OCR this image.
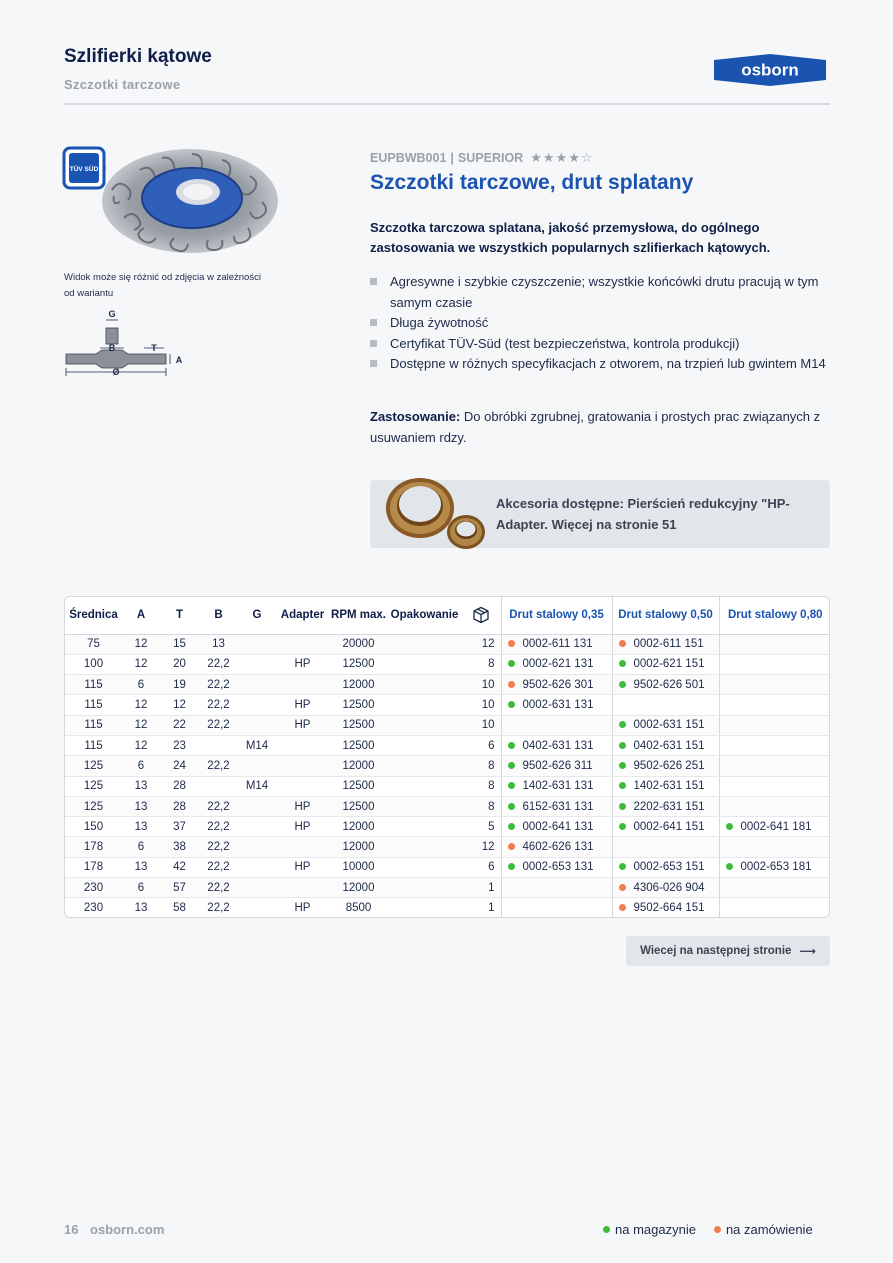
Szlifierki kątowe
Szczotki tarczowe
osborn
TÜV SÜD
Widok może się różnić od zdjęcia w zależności od wariantu
G
B	T
A
Ø
EUPBWB001 | SUPERIOR ★ ★ ★ ★ ☆
Szczotki tarczowe, drut splatany
Szczotka tarczowa splatana, jakość przemysłowa, do ogólnego zastosowania we wszystkich popularnych szlifierkach kątowych.
Agresywne i szybkie czyszczenie; wszystkie końcówki drutu pracują w tym samym czasie
Długa żywotność
Certyfikat TÜV-Süd (test bezpieczeństwa, kontrola produkcji)
Dostępne w różnych specyfikacjach z otworem, na trzpień lub gwintem M14
Zastosowanie: Do obróbki zgrubnej, gratowania i prostych prac związanych z usuwaniem rdzy.
Akcesoria dostępne: Pierścień redukcyjny "HP-Adapter. Więcej na stronie 51
Średnica	A	T	B	G	Adapter	RPM max.	Opakowanie		Drut stalowy 0,35	Drut stalowy 0,50	Drut stalowy 0,80
75	12	15	13			20000		12	0002-611 131	0002-611 151	
100	12	20	22,2		HP	12500		8	0002-621 131	0002-621 151	
115	6	19	22,2			12000		10	9502-626 301	9502-626 501	
115	12	12	22,2		HP	12500		10	0002-631 131		
115	12	22	22,2		HP	12500		10		0002-631 151	
115	12	23		M14		12500		6	0402-631 131	0402-631 151	
125	6	24	22,2			12000		8	9502-626 311	9502-626 251	
125	13	28		M14		12500		8	1402-631 131	1402-631 151	
125	13	28	22,2		HP	12500		8	6152-631 131	2202-631 151	
150	13	37	22,2		HP	12000		5	0002-641 131	0002-641 151	0002-641 181
178	6	38	22,2			12000		12	4602-626 131		
178	13	42	22,2		HP	10000		6	0002-653 131	0002-653 151	0002-653 181
230	6	57	22,2			12000		1		4306-026 904	
230	13	58	22,2		HP	8500		1		9502-664 151	
Wiecej na następnej stronie ⟶
16 osborn.com	na magazynie na zamówienie
